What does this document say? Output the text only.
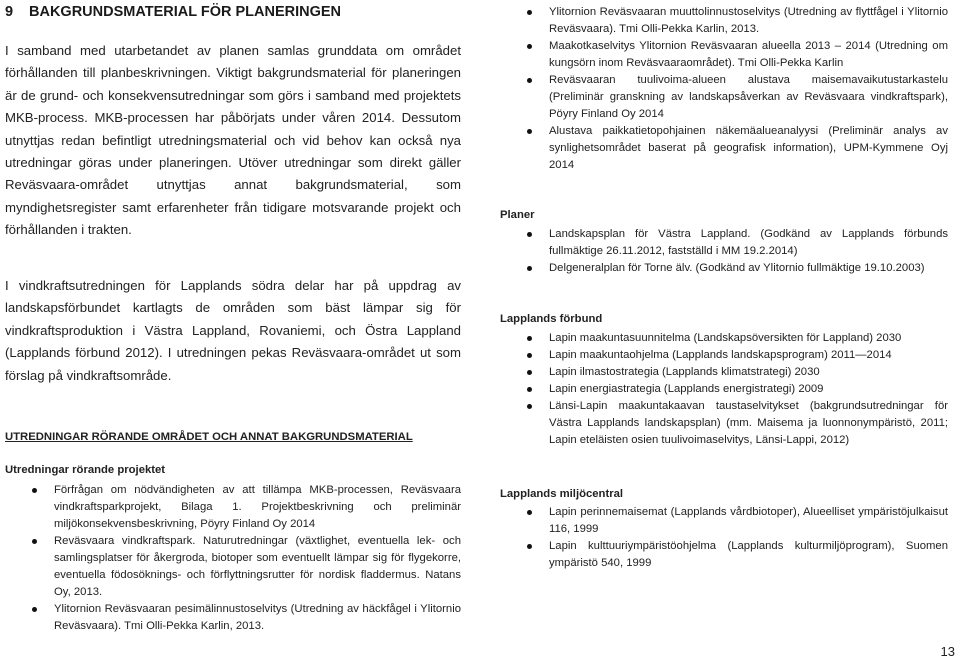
9 BAKGRUNDSMATERIAL FÖR PLANERINGEN

I samband med utarbetandet av planen samlas grunddata om området förhållanden till planbeskrivningen. Viktigt bakgrundsmaterial för planeringen är de grund- och konsekvensutredningar som görs i samband med projektets MKB-process. MKB-processen har påbörjats under våren 2014. Dessutom utnyttjas redan befintligt utredningsmaterial och vid behov kan också nya utredningar göras under planeringen. Utöver utredningar som direkt gäller Reväsvaara-området utnyttjas annat bakgrundsmaterial, som myndighetsregister samt erfarenheter från tidigare motsvarande projekt och förhållanden i trakten.

I vindkraftsutredningen för Lapplands södra delar har på uppdrag av landskapsförbundet kartlagts de områden som bäst lämpar sig för vindkraftsproduktion i Västra Lappland, Rovaniemi, och Östra Lappland (Lapplands förbund 2012). I utredningen pekas Reväsvaara-området ut som förslag på vindkraftsområde.

UTREDNINGAR RÖRANDE OMRÅDET OCH ANNAT BAKGRUNDSMATERIAL
Utredningar rörande projektet
Förfrågan om nödvändigheten av att tillämpa MKB-processen, Reväsvaara vindkraftsparkprojekt, Bilaga 1. Projektbeskrivning och preliminär miljökonsekvensbeskrivning, Pöyry Finland Oy 2014
Reväsvaara vindkraftspark. Naturutredningar (växtlighet, eventuella lek- och samlingsplatser för åkergroda, biotoper som eventuellt lämpar sig för flygekorre, eventuella födosöknings- och förflyttningsrutter för nordisk fladdermus. Natans Oy, 2013.
Ylitornion Reväsvaaran pesimälinnustoselvitys (Utredning av häckfågel i Ylitornio Reväsvaara). Tmi Olli-Pekka Karlin, 2013.
Ylitornion Reväsvaaran muuttolinnustoselvitys (Utredning av flyttfågel i Ylitornio Reväsvaara). Tmi Olli-Pekka Karlin, 2013.
Maakotkaselvitys Ylitornion Reväsvaaran alueella 2013 – 2014 (Utredning om kungsörn inom Reväsvaaraområdet). Tmi Olli-Pekka Karlin
Reväsvaaran tuulivoima-alueen alustava maisemavaikutustarkastelu (Preliminär granskning av landskapsåverkan av Reväsvaara vindkraftspark), Pöyry Finland Oy 2014
Alustava paikkatietopohjainen näkemäalueanalyysi (Preliminär analys av synlighetsområdet baserat på geografisk information), UPM-Kymmene Oyj 2014
Planer
Landskapsplan för Västra Lappland. (Godkänd av Lapplands förbunds fullmäktige 26.11.2012, fastställd i MM 19.2.2014)
Delgeneralplan för Torne älv. (Godkänd av Ylitornio fullmäktige 19.10.2003)
Lapplands förbund
Lapin maakuntasuunnitelma (Landskapsöversikten för Lappland) 2030
Lapin maakuntaohjelma (Lapplands landskapsprogram) 2011—2014
Lapin ilmastostrategia (Lapplands klimatstrategi) 2030
Lapin energiastrategia (Lapplands energistrategi) 2009
Länsi-Lapin maakuntakaavan taustaselvitykset (bakgrundsutredningar för Västra Lapplands landskapsplan) (mm. Maisema ja luonnonympäristö, 2011; Lapin eteläisten osien tuulivoimaselvitys, Länsi-Lappi, 2012)
Lapplands miljöcentral
Lapin perinnemaisemat (Lapplands vårdbiotoper), Alueelliset ympäristöjulkaisut 116, 1999
Lapin kulttuuriympäristöohjelma (Lapplands kulturmiljöprogram), Suomen ympäristö 540, 1999
13
